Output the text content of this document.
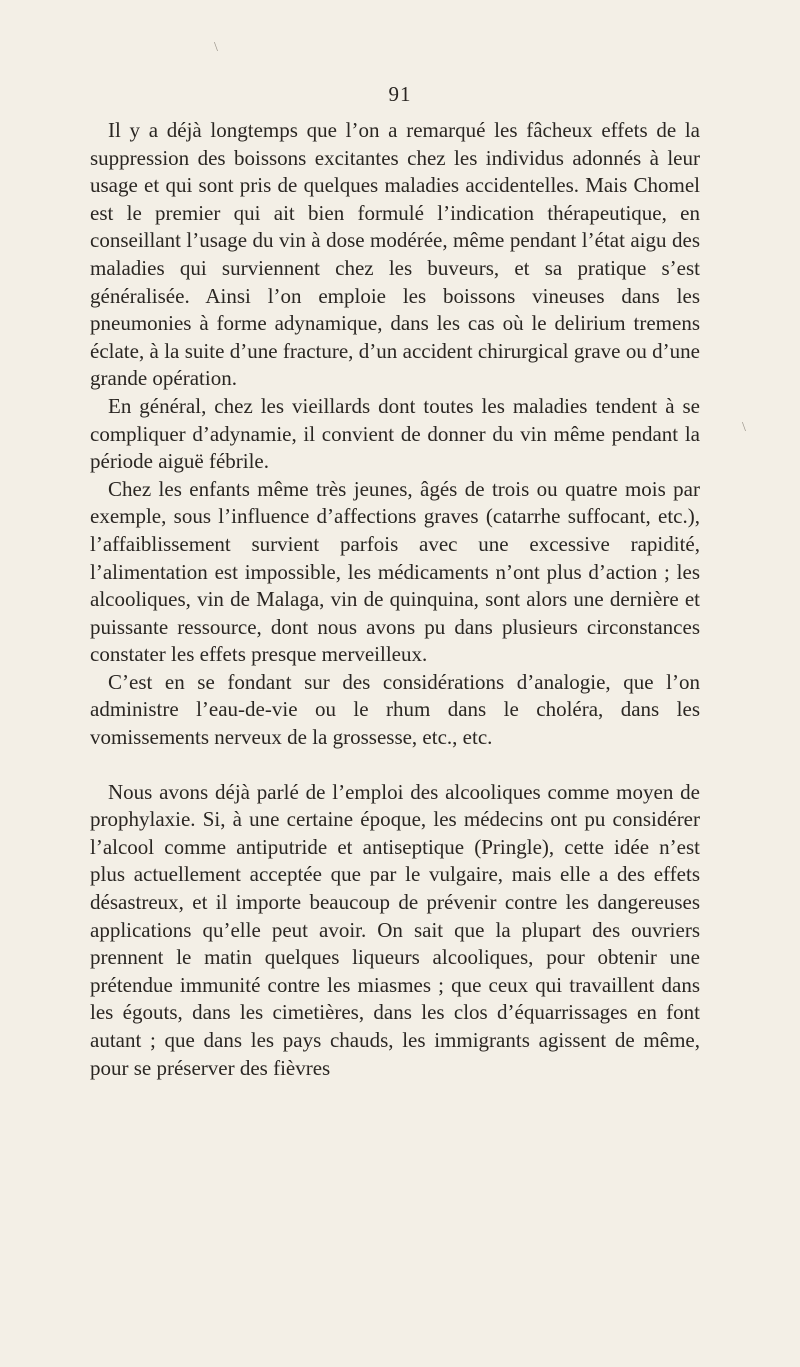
91

Il y a déjà longtemps que l’on a remarqué les fâcheux effets de la suppression des boissons excitantes chez les individus adonnés à leur usage et qui sont pris de quelques maladies accidentelles. Mais Chomel est le premier qui ait bien formulé l’indication thérapeutique, en conseillant l’usage du vin à dose modérée, même pendant l’état aigu des maladies qui surviennent chez les buveurs, et sa pratique s’est généralisée. Ainsi l’on emploie les boissons vineuses dans les pneumonies à forme adynamique, dans les cas où le delirium tremens éclate, à la suite d’une fracture, d’un accident chirurgical grave ou d’une grande opération.

En général, chez les vieillards dont toutes les maladies tendent à se compliquer d’adynamie, il convient de donner du vin même pendant la période aiguë fébrile.

Chez les enfants même très jeunes, âgés de trois ou quatre mois par exemple, sous l’influence d’affections graves (catarrhe suffocant, etc.), l’affaiblissement survient parfois avec une excessive rapidité, l’alimentation est impossible, les médicaments n’ont plus d’action ; les alcooliques, vin de Malaga, vin de quinquina, sont alors une dernière et puissante ressource, dont nous avons pu dans plusieurs circonstances constater les effets presque merveilleux.

C’est en se fondant sur des considérations d’analogie, que l’on administre l’eau-de-vie ou le rhum dans le choléra, dans les vomissements nerveux de la grossesse, etc., etc.

Nous avons déjà parlé de l’emploi des alcooliques comme moyen de prophylaxie. Si, à une certaine époque, les médecins ont pu considérer l’alcool comme antiputride et antiseptique (Pringle), cette idée n’est plus actuellement acceptée que par le vulgaire, mais elle a des effets désastreux, et il importe beaucoup de prévenir contre les dangereuses applications qu’elle peut avoir. On sait que la plupart des ouvriers prennent le matin quelques liqueurs alcooliques, pour obtenir une prétendue immunité contre les miasmes ; que ceux qui travaillent dans les égouts, dans les cimetières, dans les clos d’équarrissages en font autant ; que dans les pays chauds, les immigrants agissent de même, pour se préserver des fièvres

\
\
